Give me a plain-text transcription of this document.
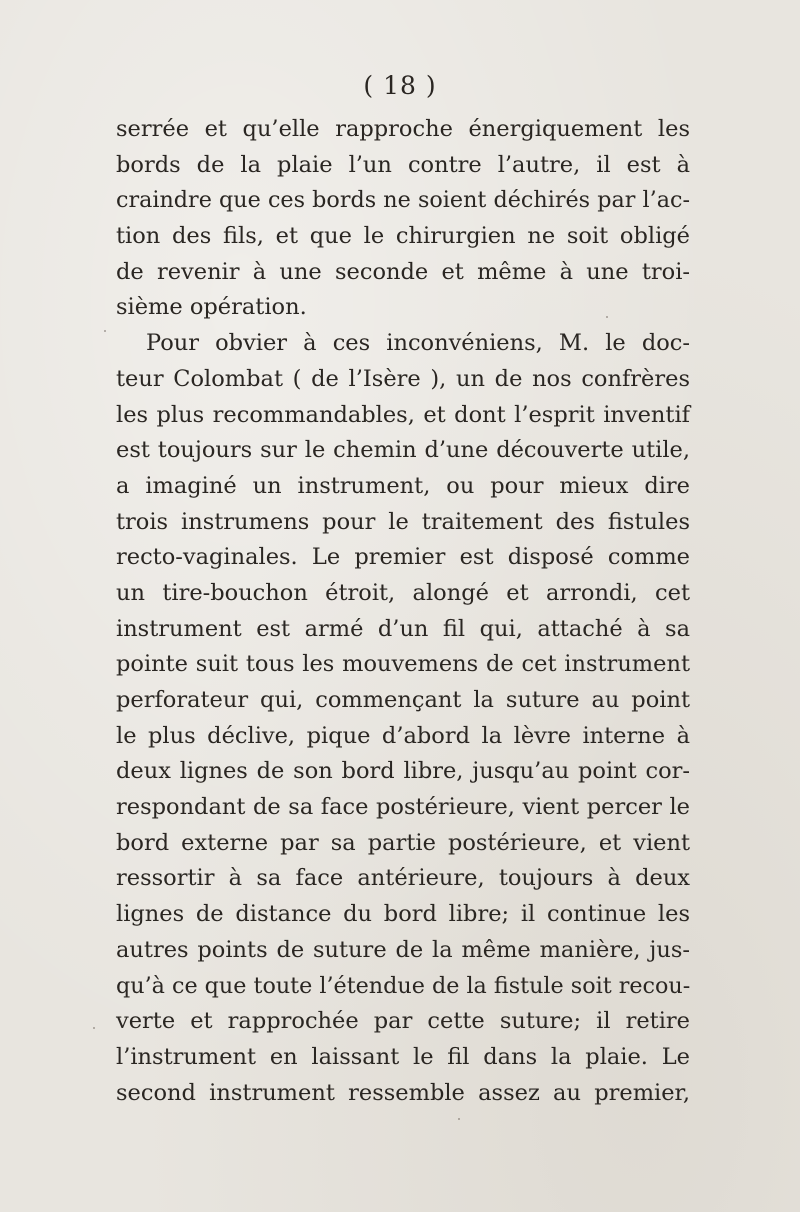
( 18 )
serrée et qu’elle rapproche énergiquement les
bords de la plaie l’un contre l’autre, il est à
craindre que ces bords ne soient déchirés par l’ac-
tion des fils, et que le chirurgien ne soit obligé
de revenir à une seconde et même à une troi-
sième opération.
Pour obvier à ces inconvéniens, M. le doc-
teur Colombat ( de l’Isère ), un de nos confrères
les plus recommandables, et dont l’esprit inventif
est toujours sur le chemin d’une découverte utile,
a imaginé un instrument, ou pour mieux dire
trois instrumens pour le traitement des fistules
recto-vaginales. Le premier est disposé comme
un tire-bouchon étroit, alongé et arrondi, cet
instrument est armé d’un fil qui, attaché à sa
pointe suit tous les mouvemens de cet instrument
perforateur qui, commençant la suture au point
le plus déclive, pique d’abord la lèvre interne à
deux lignes de son bord libre, jusqu’au point cor-
respondant de sa face postérieure, vient percer le
bord externe par sa partie postérieure, et vient
ressortir à sa face antérieure, toujours à deux
lignes de distance du bord libre; il continue les
autres points de suture de la même manière, jus-
qu’à ce que toute l’étendue de la fistule soit recou-
verte et rapprochée par cette suture; il retire
l’instrument en laissant le fil dans la plaie. Le
second instrument ressemble assez au premier,
